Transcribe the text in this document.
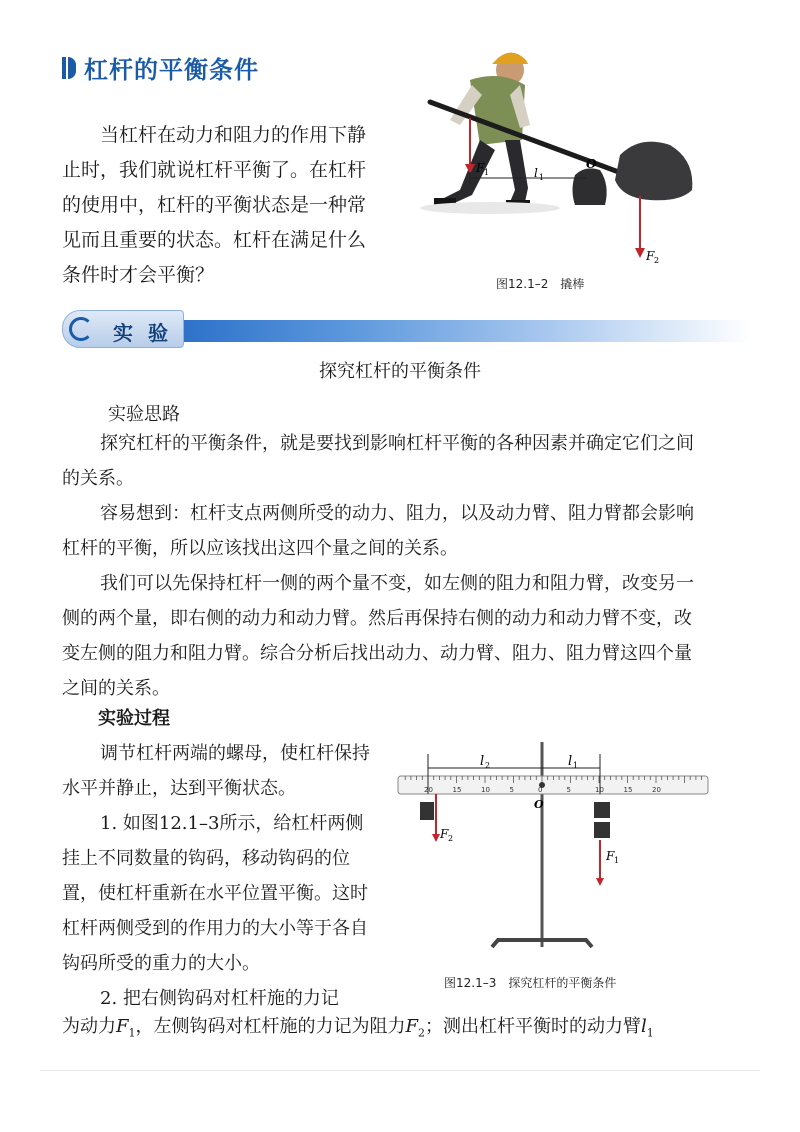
杠杆的平衡条件
当杠杆在动力和阻力的作用下静
止时，我们就说杠杆平衡了。在杠杆
的使用中，杠杆的平衡状态是一种常
见而且重要的状态。杠杆在满足什么
条件时才会平衡？
F 1	l 1
O
F 2
图12.1–2　撬棒
实 验
探究杠杆的平衡条件
实验思路

探究杠杆的平衡条件，就是要找到影响杠杆平衡的各种因素并确定它们之间的关系。

容易想到：杠杆支点两侧所受的动力、阻力，以及动力臂、阻力臂都会影响杠杆的平衡，所以应该找出这四个量之间的关系。

我们可以先保持杠杆一侧的两个量不变，如左侧的阻力和阻力臂，改变另一侧的两个量，即右侧的动力和动力臂。然后再保持右侧的动力和动力臂不变，改变左侧的阻力和阻力臂。综合分析后找出动力、动力臂、阻力、阻力臂这四个量之间的关系。

实验过程

调节杠杆两端的螺母，使杠杆保持水平并静止，达到平衡状态。

1. 如图12.1–3所示，给杠杆两侧挂上不同数量的钩码，移动钩码的位置，使杠杆重新在水平位置平衡。这时杠杆两侧受到的作用力的大小等于各自钩码所受的重力的大小。

2. 把右侧钩码对杠杆施的力记

l 2	l 1
O
F 2
F 1
20	15	10	5	0	5	10	15	20
图12.1–3　探究杠杆的平衡条件
为动力$F_1$，左侧钩码对杠杆施的力记为阻力$F_2$；测出杠杆平衡时的动力臂$l_1$
